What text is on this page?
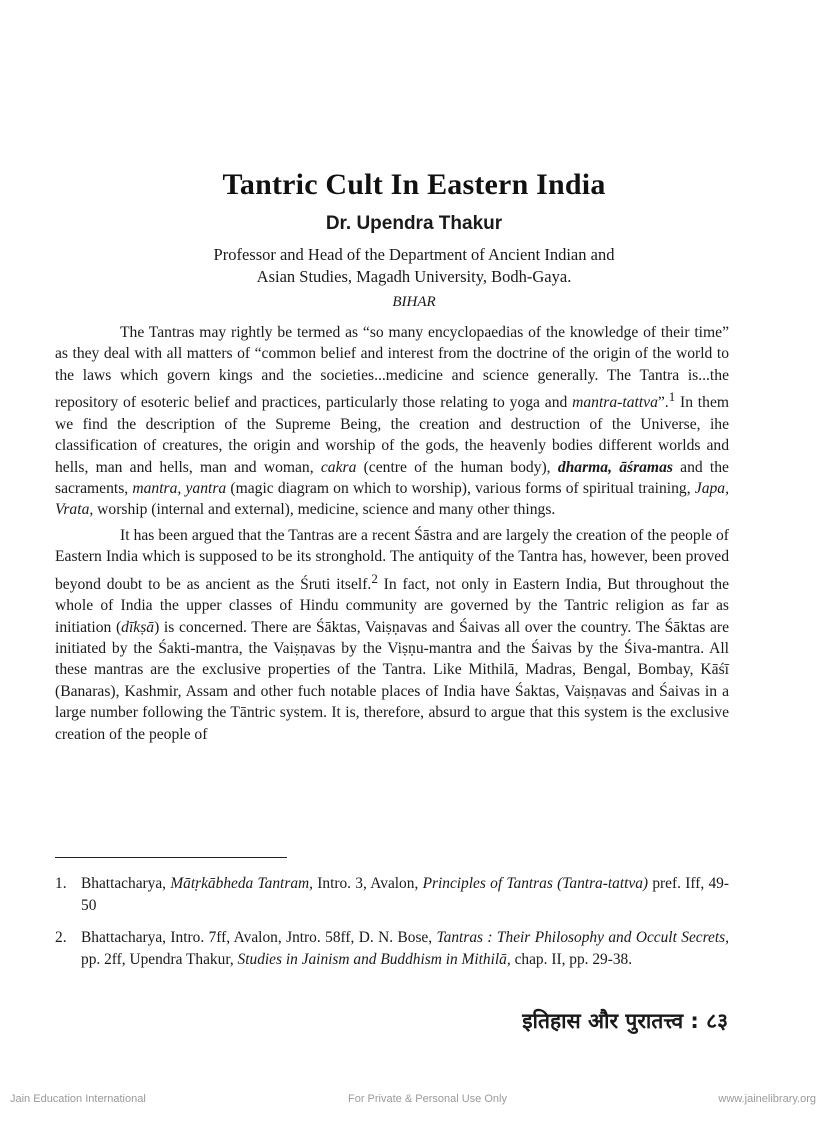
Tantric Cult In Eastern India
Dr. Upendra Thakur
Professor and Head of the Department of Ancient Indian and
Asian Studies, Magadh University, Bodh-Gaya.
BIHAR

The Tantras may rightly be termed as “so many encyclopaedias of the knowledge of their time” as they deal with all matters of “common belief and interest from the doctrine of the origin of the world to the laws which govern kings and the societies...medicine and science generally. The Tantra is...the repository of esoteric belief and practices, particularly those relating to yoga and mantra-tattva”.$^1$ In them we find the description of the Supreme Being, the creation and destruction of the Universe, ihe classification of creatures, the origin and worship of the gods, the heavenly bodies different worlds and hells, man and hells, man and woman, cakra (centre of the human body), dharma, āśramas and the sacraments, mantra, yantra (magic diagram on which to worship), various forms of spiritual training, Japa, Vrata, worship (internal and external), medicine, science and many other things.

It has been argued that the Tantras are a recent Śāstra and are largely the creation of the people of Eastern India which is supposed to be its stronghold. The antiquity of the Tantra has, however, been proved beyond doubt to be as ancient as the Śruti itself.$^2$ In fact, not only in Eastern India, But throughout the whole of India the upper classes of Hindu community are governed by the Tantric religion as far as initiation (dīkṣā) is concerned. There are Śāktas, Vaiṣṇavas and Śaivas all over the country. The Śāktas are initiated by the Śakti-mantra, the Vaiṣṇavas by the Viṣṇu-mantra and the Śaivas by the Śiva-mantra. All these mantras are the exclusive properties of the Tantra. Like Mithilā, Madras, Bengal, Bombay, Kāśī (Banaras), Kashmir, Assam and other fuch notable places of India have Śaktas, Vaiṣṇavas and Śaivas in a large number following the Tāntric system. It is, therefore, absurd to argue that this system is the exclusive creation of the people of

1. Bhattacharya, Mātṛkābheda Tantram, Intro. 3, Avalon, Principles of Tantras (Tantra-tattva) pref. Iff, 49-50
2. Bhattacharya, Intro. 7ff, Avalon, Jntro. 58ff, D. N. Bose, Tantras : Their Philosophy and Occult Secrets, pp. 2ff, Upendra Thakur, Studies in Jainism and Buddhism in Mithilā, chap. II, pp. 29-38.
इतिहास और पुरातत्त्व : ८३
Jain Education International	For Private & Personal Use Only	www.jainelibrary.org
